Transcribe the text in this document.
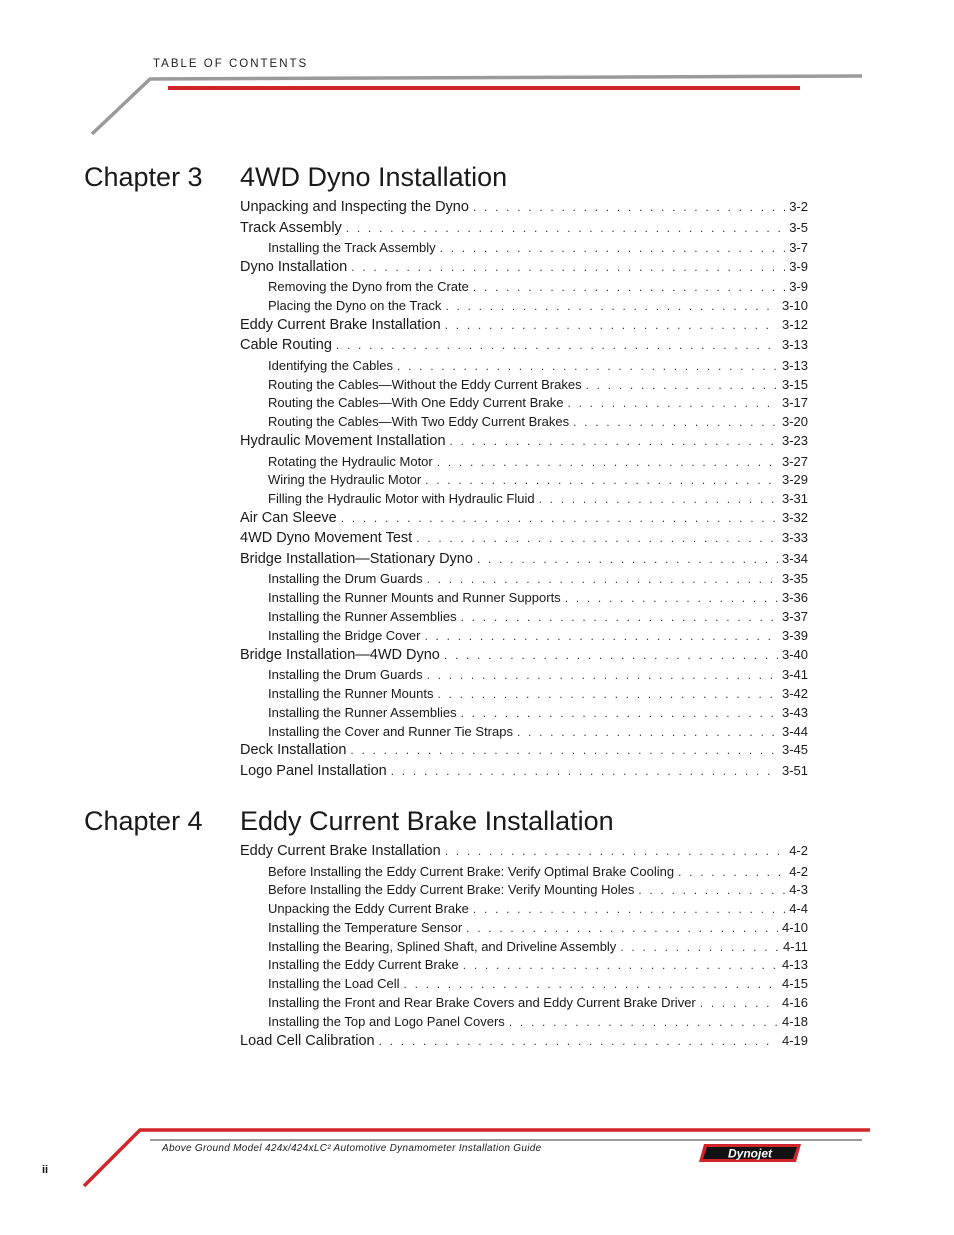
TABLE OF CONTENTS
Chapter 3 4WD Dyno Installation
Unpacking and Inspecting the Dyno . . .	3-2
Track Assembly . . .	3-5
Installing the Track Assembly . . .	3-7
Dyno Installation . . .	3-9
Removing the Dyno from the Crate . . .	3-9
Placing the Dyno on the Track . . .	3-10
Eddy Current Brake Installation . . .	3-12
Cable Routing . . .	3-13
Identifying the Cables . . .	3-13
Routing the Cables—Without the Eddy Current Brakes . . .	3-15
Routing the Cables—With One Eddy Current Brake . . .	3-17
Routing the Cables—With Two Eddy Current Brakes . . .	3-20
Hydraulic Movement Installation . . .	3-23
Rotating the Hydraulic Motor . . .	3-27
Wiring the Hydraulic Motor . . .	3-29
Filling the Hydraulic Motor with Hydraulic Fluid . . .	3-31
Air Can Sleeve . . .	3-32
4WD Dyno Movement Test . . .	3-33
Bridge Installation—Stationary Dyno . . .	3-34
Installing the Drum Guards . . .	3-35
Installing the Runner Mounts and Runner Supports . . .	3-36
Installing the Runner Assemblies . . .	3-37
Installing the Bridge Cover . . .	3-39
Bridge Installation—4WD Dyno . . .	3-40
Installing the Drum Guards . . .	3-41
Installing the Runner Mounts . . .	3-42
Installing the Runner Assemblies . . .	3-43
Installing the Cover and Runner Tie Straps . . .	3-44
Deck Installation . . .	3-45
Logo Panel Installation . . .	3-51
Chapter 4 Eddy Current Brake Installation
Eddy Current Brake Installation . . .	4-2
Before Installing the Eddy Current Brake: Verify Optimal Brake Cooling . . .	4-2
Before Installing the Eddy Current Brake: Verify Mounting Holes . . .	4-3
Unpacking the Eddy Current Brake . . .	4-4
Installing the Temperature Sensor . . .	4-10
Installing the Bearing, Splined Shaft, and Driveline Assembly . . .	4-11
Installing the Eddy Current Brake . . .	4-13
Installing the Load Cell . . .	4-15
Installing the Front and Rear Brake Covers and Eddy Current Brake Driver . . .	4-16
Installing the Top and Logo Panel Covers . . .	4-18
Load Cell Calibration . . .	4-19
Above Ground Model 424x/424xLC² Automotive Dynamometer Installation Guide
ii
Dynojet
